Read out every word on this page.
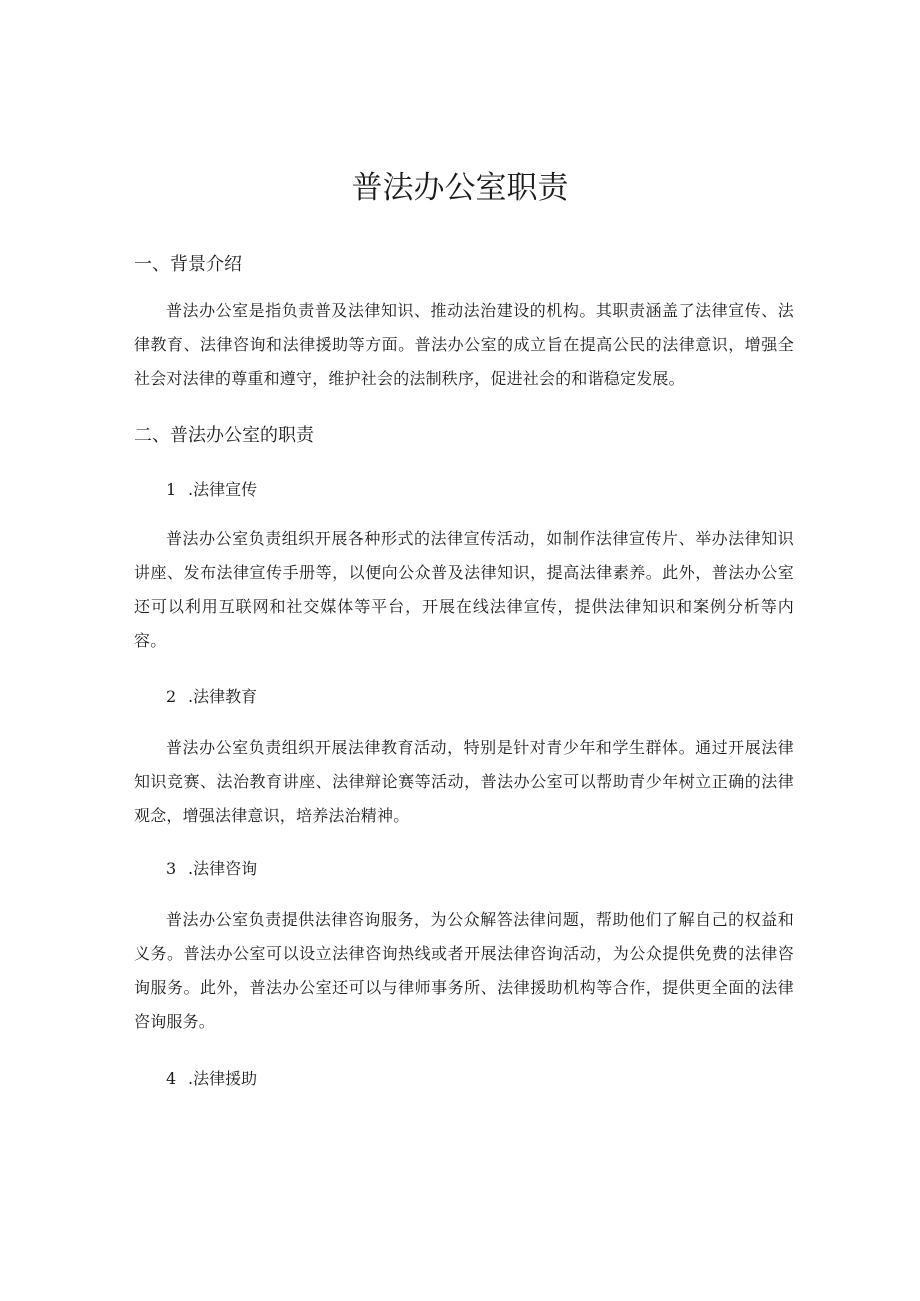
普法办公室职责
一、背景介绍

普法办公室是指负责普及法律知识、推动法治建设的机构。其职责涵盖了法律宣传、法律教育、法律咨询和法律援助等方面。普法办公室的成立旨在提高公民的法律意识，增强全社会对法律的尊重和遵守，维护社会的法制秩序，促进社会的和谐稳定发展。

二、普法办公室的职责
1 .法律宣传

普法办公室负责组织开展各种形式的法律宣传活动，如制作法律宣传片、举办法律知识讲座、发布法律宣传手册等，以便向公众普及法律知识，提高法律素养。此外，普法办公室还可以利用互联网和社交媒体等平台，开展在线法律宣传，提供法律知识和案例分析等内容。

2 .法律教育

普法办公室负责组织开展法律教育活动，特别是针对青少年和学生群体。通过开展法律知识竞赛、法治教育讲座、法律辩论赛等活动，普法办公室可以帮助青少年树立正确的法律观念，增强法律意识，培养法治精神。

3 .法律咨询

普法办公室负责提供法律咨询服务，为公众解答法律问题，帮助他们了解自己的权益和义务。普法办公室可以设立法律咨询热线或者开展法律咨询活动，为公众提供免费的法律咨询服务。此外，普法办公室还可以与律师事务所、法律援助机构等合作，提供更全面的法律咨询服务。

4 .法律援助
